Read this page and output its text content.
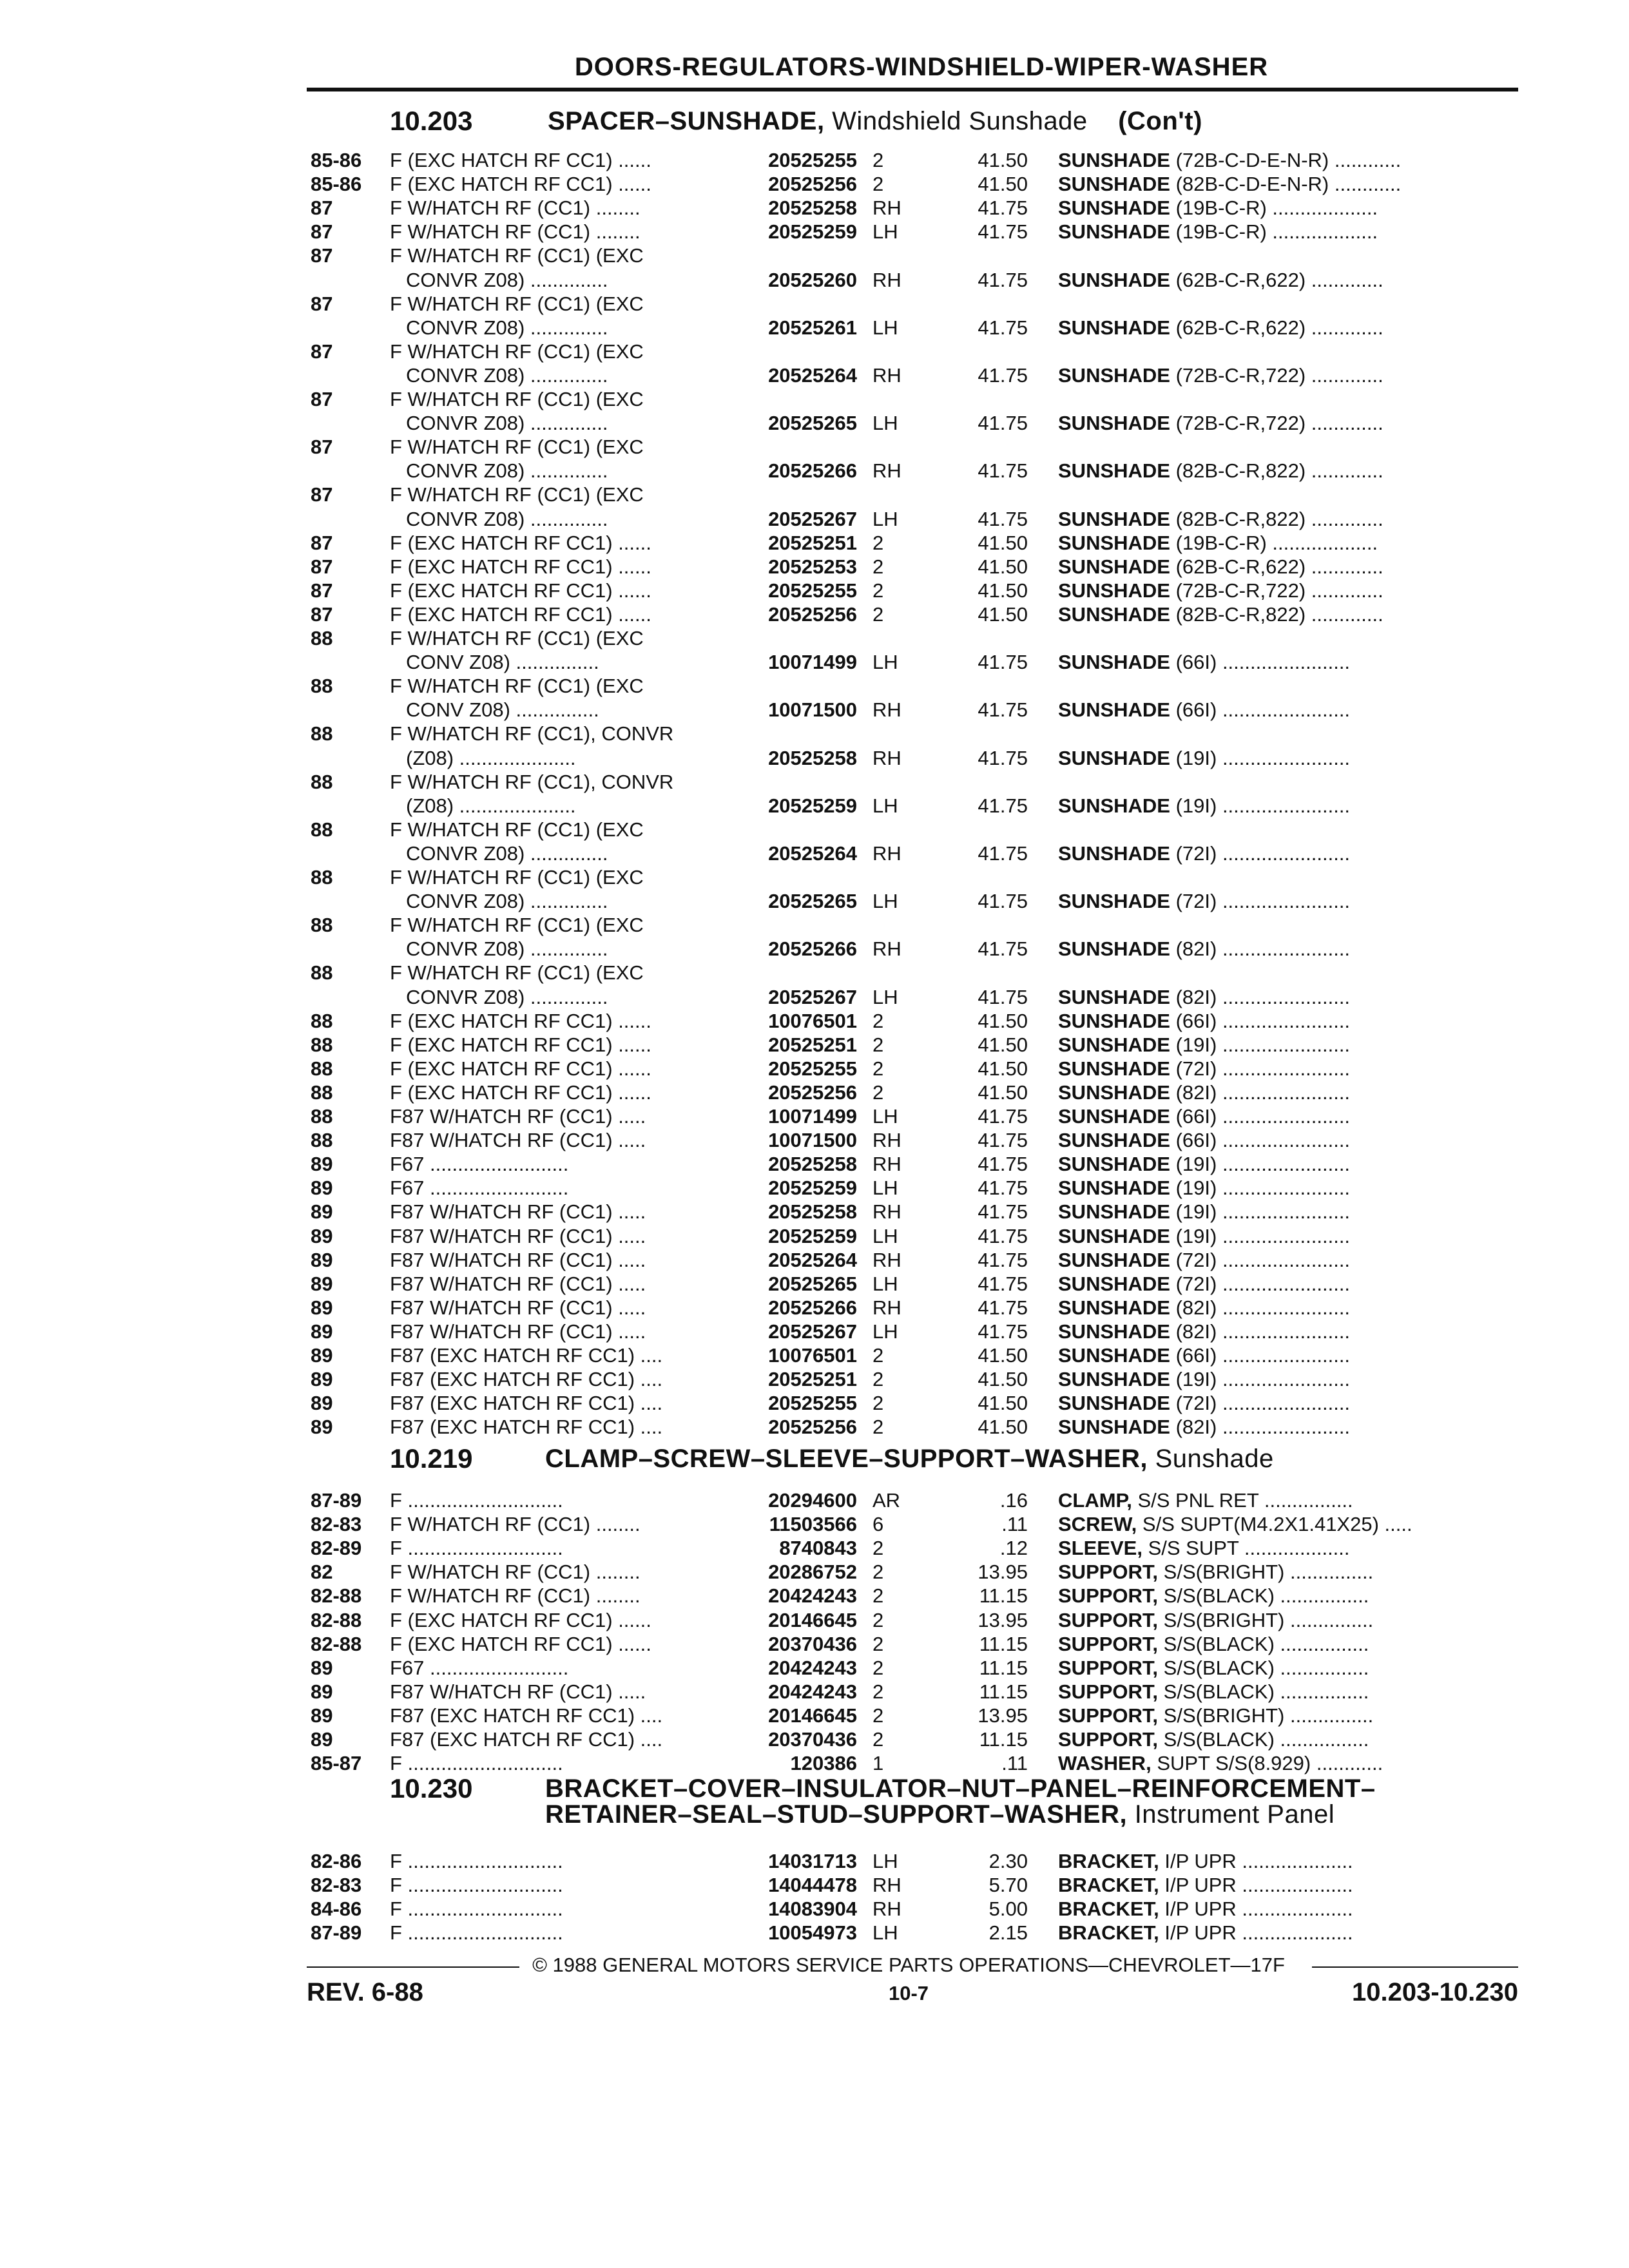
DOORS-REGULATORS-WINDSHIELD-WIPER-WASHER
10.203	SPACER–SUNSHADE, Windshield Sunshade (Con't)
85-86 F (EXC HATCH RF CC1) ......	20525255 2	41.50 SUNSHADE (72B-C-D-E-N-R) ............
85-86 F (EXC HATCH RF CC1) ......	20525256 2	41.50 SUNSHADE (82B-C-D-E-N-R) ............
87	F W/HATCH RF (CC1) ........	20525258 RH	41.75 SUNSHADE (19B-C-R) ...................
87	F W/HATCH RF (CC1) ........	20525259 LH	41.75 SUNSHADE (19B-C-R) ...................
87	F W/HATCH RF (CC1) (EXC
CONVR Z08) ..............	20525260 RH	41.75 SUNSHADE (62B-C-R,622) .............
87	F W/HATCH RF (CC1) (EXC
CONVR Z08) ..............	20525261 LH	41.75 SUNSHADE (62B-C-R,622) .............
87	F W/HATCH RF (CC1) (EXC
CONVR Z08) ..............	20525264 RH	41.75 SUNSHADE (72B-C-R,722) .............
87	F W/HATCH RF (CC1) (EXC
CONVR Z08) ..............	20525265 LH	41.75 SUNSHADE (72B-C-R,722) .............
87	F W/HATCH RF (CC1) (EXC
CONVR Z08) ..............	20525266 RH	41.75 SUNSHADE (82B-C-R,822) .............
87	F W/HATCH RF (CC1) (EXC
CONVR Z08) ..............	20525267 LH	41.75 SUNSHADE (82B-C-R,822) .............
87	F (EXC HATCH RF CC1) ......	20525251 2	41.50 SUNSHADE (19B-C-R) ...................
87	F (EXC HATCH RF CC1) ......	20525253 2	41.50 SUNSHADE (62B-C-R,622) .............
87	F (EXC HATCH RF CC1) ......	20525255 2	41.50 SUNSHADE (72B-C-R,722) .............
87	F (EXC HATCH RF CC1) ......	20525256 2	41.50 SUNSHADE (82B-C-R,822) .............
88	F W/HATCH RF (CC1) (EXC
CONV Z08) ...............	10071499 LH	41.75 SUNSHADE (66I) .......................
88	F W/HATCH RF (CC1) (EXC
CONV Z08) ...............	10071500 RH	41.75 SUNSHADE (66I) .......................
88	F W/HATCH RF (CC1), CONVR
(Z08) .....................	20525258 RH	41.75 SUNSHADE (19I) .......................
88	F W/HATCH RF (CC1), CONVR
(Z08) .....................	20525259 LH	41.75 SUNSHADE (19I) .......................
88	F W/HATCH RF (CC1) (EXC
CONVR Z08) ..............	20525264 RH	41.75 SUNSHADE (72I) .......................
88	F W/HATCH RF (CC1) (EXC
CONVR Z08) ..............	20525265 LH	41.75 SUNSHADE (72I) .......................
88	F W/HATCH RF (CC1) (EXC
CONVR Z08) ..............	20525266 RH	41.75 SUNSHADE (82I) .......................
88	F W/HATCH RF (CC1) (EXC
CONVR Z08) ..............	20525267 LH	41.75 SUNSHADE (82I) .......................
88	F (EXC HATCH RF CC1) ......	10076501 2	41.50 SUNSHADE (66I) .......................
88	F (EXC HATCH RF CC1) ......	20525251 2	41.50 SUNSHADE (19I) .......................
88	F (EXC HATCH RF CC1) ......	20525255 2	41.50 SUNSHADE (72I) .......................
88	F (EXC HATCH RF CC1) ......	20525256 2	41.50 SUNSHADE (82I) .......................
88	F87 W/HATCH RF (CC1) .....	10071499 LH	41.75 SUNSHADE (66I) .......................
88	F87 W/HATCH RF (CC1) .....	10071500 RH	41.75 SUNSHADE (66I) .......................
89	F67 .........................	20525258 RH	41.75 SUNSHADE (19I) .......................
89	F67 .........................	20525259 LH	41.75 SUNSHADE (19I) .......................
89	F87 W/HATCH RF (CC1) .....	20525258 RH	41.75 SUNSHADE (19I) .......................
89	F87 W/HATCH RF (CC1) .....	20525259 LH	41.75 SUNSHADE (19I) .......................
89	F87 W/HATCH RF (CC1) .....	20525264 RH	41.75 SUNSHADE (72I) .......................
89	F87 W/HATCH RF (CC1) .....	20525265 LH	41.75 SUNSHADE (72I) .......................
89	F87 W/HATCH RF (CC1) .....	20525266 RH	41.75 SUNSHADE (82I) .......................
89	F87 W/HATCH RF (CC1) .....	20525267 LH	41.75 SUNSHADE (82I) .......................
89	F87 (EXC HATCH RF CC1) ....	10076501 2	41.50 SUNSHADE (66I) .......................
89	F87 (EXC HATCH RF CC1) ....	20525251 2	41.50 SUNSHADE (19I) .......................
89	F87 (EXC HATCH RF CC1) ....	20525255 2	41.50 SUNSHADE (72I) .......................
89	F87 (EXC HATCH RF CC1) ....	20525256 2	41.50 SUNSHADE (82I) .......................
10.219	CLAMP–SCREW–SLEEVE–SUPPORT–WASHER, Sunshade
87-89 F ............................	20294600 AR	.16 CLAMP, S/S PNL RET ................
82-83 F W/HATCH RF (CC1) ........	11503566 6	.11 SCREW, S/S SUPT(M4.2X1.41X25) .....
82-89 F ............................	8740843 2	.12 SLEEVE, S/S SUPT ...................
82	F W/HATCH RF (CC1) ........	20286752 2	13.95 SUPPORT, S/S(BRIGHT) ...............
82-88 F W/HATCH RF (CC1) ........	20424243 2	11.15 SUPPORT, S/S(BLACK) ................
82-88 F (EXC HATCH RF CC1) ......	20146645 2	13.95 SUPPORT, S/S(BRIGHT) ...............
82-88 F (EXC HATCH RF CC1) ......	20370436 2	11.15 SUPPORT, S/S(BLACK) ................
89	F67 .........................	20424243 2	11.15 SUPPORT, S/S(BLACK) ................
89	F87 W/HATCH RF (CC1) .....	20424243 2	11.15 SUPPORT, S/S(BLACK) ................
89	F87 (EXC HATCH RF CC1) ....	20146645 2	13.95 SUPPORT, S/S(BRIGHT) ...............
89	F87 (EXC HATCH RF CC1) ....	20370436 2	11.15 SUPPORT, S/S(BLACK) ................
85-87 F ............................	120386 1	.11 WASHER, SUPT S/S(8.929) ............
10.230	BRACKET–COVER–INSULATOR–NUT–PANEL–REINFORCEMENT–
RETAINER–SEAL–STUD–SUPPORT–WASHER, Instrument Panel
82-86 F ............................	14031713 LH	2.30 BRACKET, I/P UPR ....................
82-83 F ............................	14044478 RH	5.70 BRACKET, I/P UPR ....................
84-86 F ............................	14083904 RH	5.00 BRACKET, I/P UPR ....................
87-89 F ............................	10054973 LH	2.15 BRACKET, I/P UPR ....................
© 1988 GENERAL MOTORS SERVICE PARTS OPERATIONS—CHEVROLET—17F
REV. 6-88	10-7	10.203-10.230
